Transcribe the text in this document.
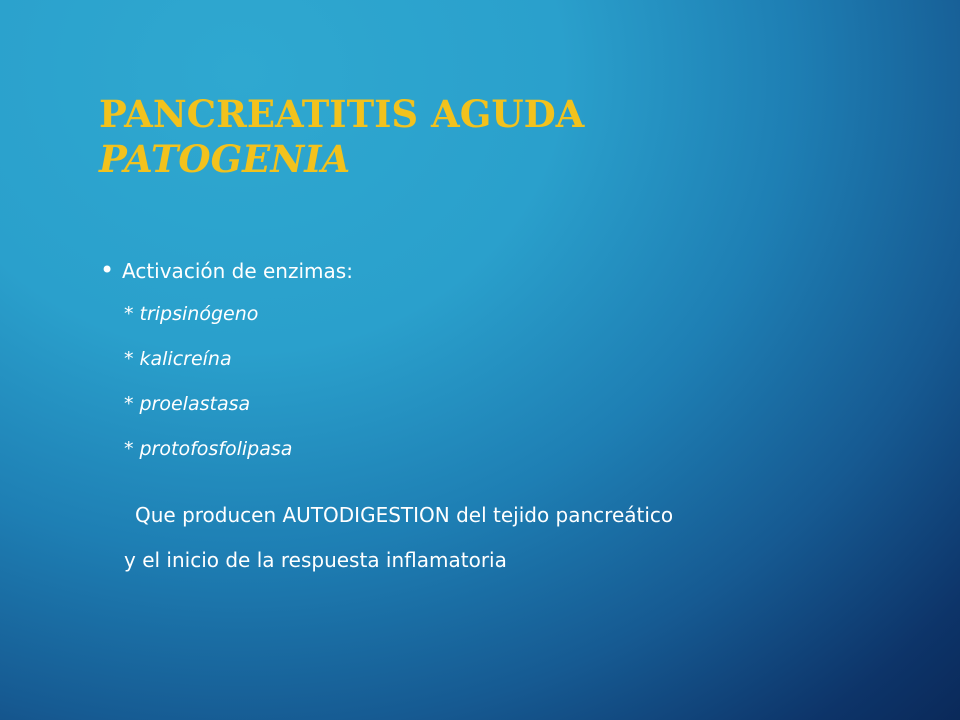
PANCREATITIS AGUDA
PATOGENIA
• Activación de enzimas:
* tripsinógeno
* kalicreína
* proelastasa
* protofosfolipasa
Que producen AUTODIGESTION del tejido pancreático
y el inicio de la respuesta inflamatoria
